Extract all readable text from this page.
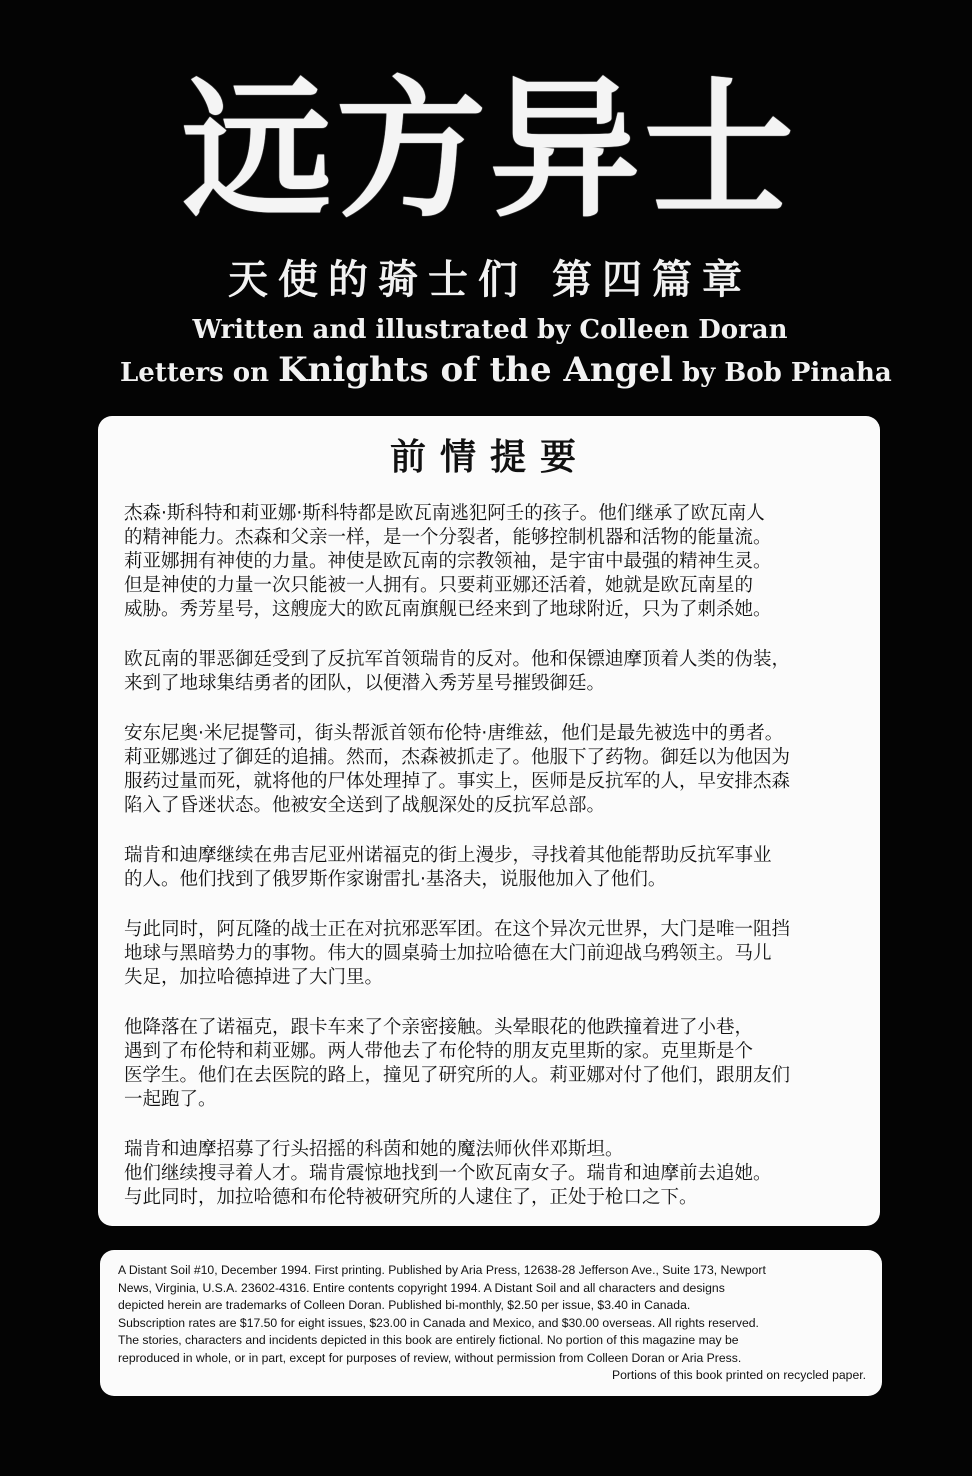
远方异士
天使的骑士们 第四篇章
Written and illustrated by Colleen Doran
Letters on Knights of the Angel by Bob Pinaha
前情提要

杰森·斯科特和莉亚娜·斯科特都是欧瓦南逃犯阿壬的孩子。他们继承了欧瓦南人
的精神能力。杰森和父亲一样，是一个分裂者，能够控制机器和活物的能量流。
莉亚娜拥有神使的力量。神使是欧瓦南的宗教领袖，是宇宙中最强的精神生灵。
但是神使的力量一次只能被一人拥有。只要莉亚娜还活着，她就是欧瓦南星的
威胁。秀芳星号，这艘庞大的欧瓦南旗舰已经来到了地球附近，只为了刺杀她。

欧瓦南的罪恶御廷受到了反抗军首领瑞肯的反对。他和保镖迪摩顶着人类的伪装，
来到了地球集结勇者的团队，以便潜入秀芳星号摧毁御廷。

安东尼奥·米尼提警司，街头帮派首领布伦特·唐维兹，他们是最先被选中的勇者。
莉亚娜逃过了御廷的追捕。然而，杰森被抓走了。他服下了药物。御廷以为他因为
服药过量而死，就将他的尸体处理掉了。事实上，医师是反抗军的人，早安排杰森
陷入了昏迷状态。他被安全送到了战舰深处的反抗军总部。

瑞肯和迪摩继续在弗吉尼亚州诺福克的街上漫步，寻找着其他能帮助反抗军事业
的人。他们找到了俄罗斯作家谢雷扎·基洛夫，说服他加入了他们。

与此同时，阿瓦隆的战士正在对抗邪恶军团。在这个异次元世界，大门是唯一阻挡
地球与黑暗势力的事物。伟大的圆桌骑士加拉哈德在大门前迎战乌鸦领主。马儿
失足，加拉哈德掉进了大门里。

他降落在了诺福克，跟卡车来了个亲密接触。头晕眼花的他跌撞着进了小巷，
遇到了布伦特和莉亚娜。两人带他去了布伦特的朋友克里斯的家。克里斯是个
医学生。他们在去医院的路上，撞见了研究所的人。莉亚娜对付了他们，跟朋友们
一起跑了。

瑞肯和迪摩招募了行头招摇的科茵和她的魔法师伙伴邓斯坦。
他们继续搜寻着人才。瑞肯震惊地找到一个欧瓦南女子。瑞肯和迪摩前去追她。
与此同时，加拉哈德和布伦特被研究所的人逮住了，正处于枪口之下。

A Distant Soil #10, December 1994. First printing. Published by Aria Press, 12638-28 Jefferson Ave., Suite 173, Newport
News, Virginia, U.S.A. 23602-4316. Entire contents copyright 1994. A Distant Soil and all characters and designs
depicted herein are trademarks of Colleen Doran. Published bi-monthly, $2.50 per issue, $3.40 in Canada.
Subscription rates are $17.50 for eight issues, $23.00 in Canada and Mexico, and $30.00 overseas. All rights reserved.
The stories, characters and incidents depicted in this book are entirely fictional. No portion of this magazine may be
reproduced in whole, or in part, except for purposes of review, without permission from Colleen Doran or Aria Press.
Portions of this book printed on recycled paper.
